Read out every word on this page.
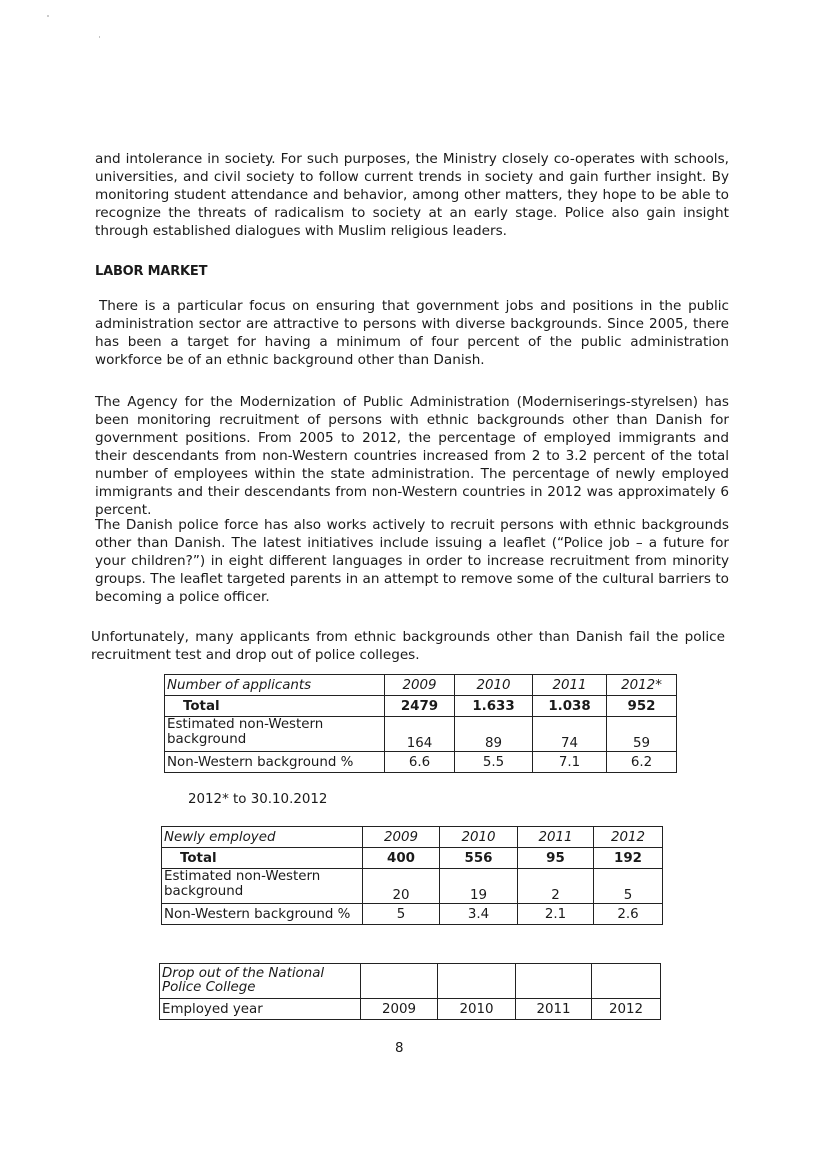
and intolerance in society. For such purposes, the Ministry closely co-operates with schools, universities, and civil society to follow current trends in society and gain further insight. By monitoring student attendance and behavior, among other matters, they hope to be able to recognize the threats of radicalism to society at an early stage. Police also gain insight through established dialogues with Muslim religious leaders.

LABOR MARKET

There is a particular focus on ensuring that government jobs and positions in the public administration sector are attractive to persons with diverse backgrounds. Since 2005, there has been a target for having a minimum of four percent of the public administration workforce be of an ethnic background other than Danish.

The Agency for the Modernization of Public Administration (Moderniserings-styrelsen) has been monitoring recruitment of persons with ethnic backgrounds other than Danish for government positions. From 2005 to 2012, the percentage of employed immigrants and their descendants from non-Western countries increased from 2 to 3.2 percent of the total number of employees within the state administration. The percentage of newly employed immigrants and their descendants from non-Western countries in 2012 was approximately 6 percent.

The Danish police force has also works actively to recruit persons with ethnic backgrounds other than Danish. The latest initiatives include issuing a leaflet (“Police job – a future for your children?”) in eight different languages in order to increase recruitment from minority groups. The leaflet targeted parents in an attempt to remove some of the cultural barriers to becoming a police officer.

Unfortunately, many applicants from ethnic backgrounds other than Danish fail the police recruitment test and drop out of police colleges.

Number of applicants	2009	2010	2011	2012*
Total	2479	1.633	1.038	952
Estimated non-Western background	164	89	74	59
Non-Western background %	6.6	5.5	7.1	6.2
2012* to 30.10.2012
Newly employed	2009	2010	2011	2012
Total	400	556	95	192
Estimated non-Western background	20	19	2	5
Non-Western background %	5	3.4	2.1	2.6
Drop out of the National Police College				
Employed year	2009	2010	2011	2012
8
